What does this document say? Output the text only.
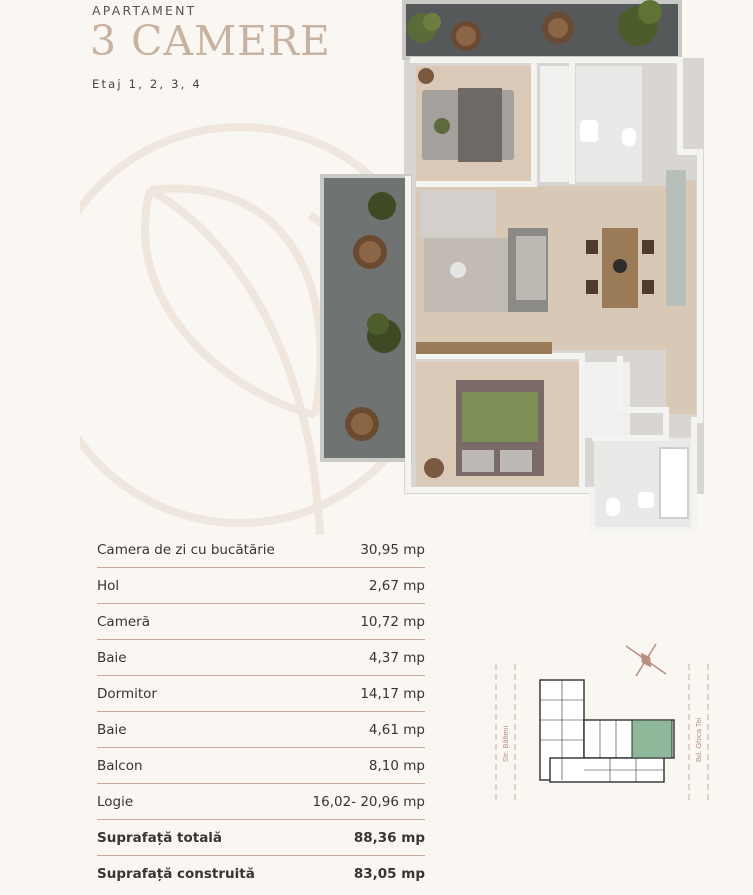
APARTAMENT
3 CAMERE
Etaj 1, 2, 3, 4
Camera de zi cu bucătărie	30,95 mp
Hol	2,67 mp
Cameră	10,72 mp
Baie	4,37 mp
Dormitor	14,17 mp
Baie	4,61 mp
Balcon	8,10 mp
Logie	16,02- 20,96 mp
Suprafață totală	88,36 mp
Suprafață construită	83,05 mp
Str. Bălteni	Bd. Ghica Tei
